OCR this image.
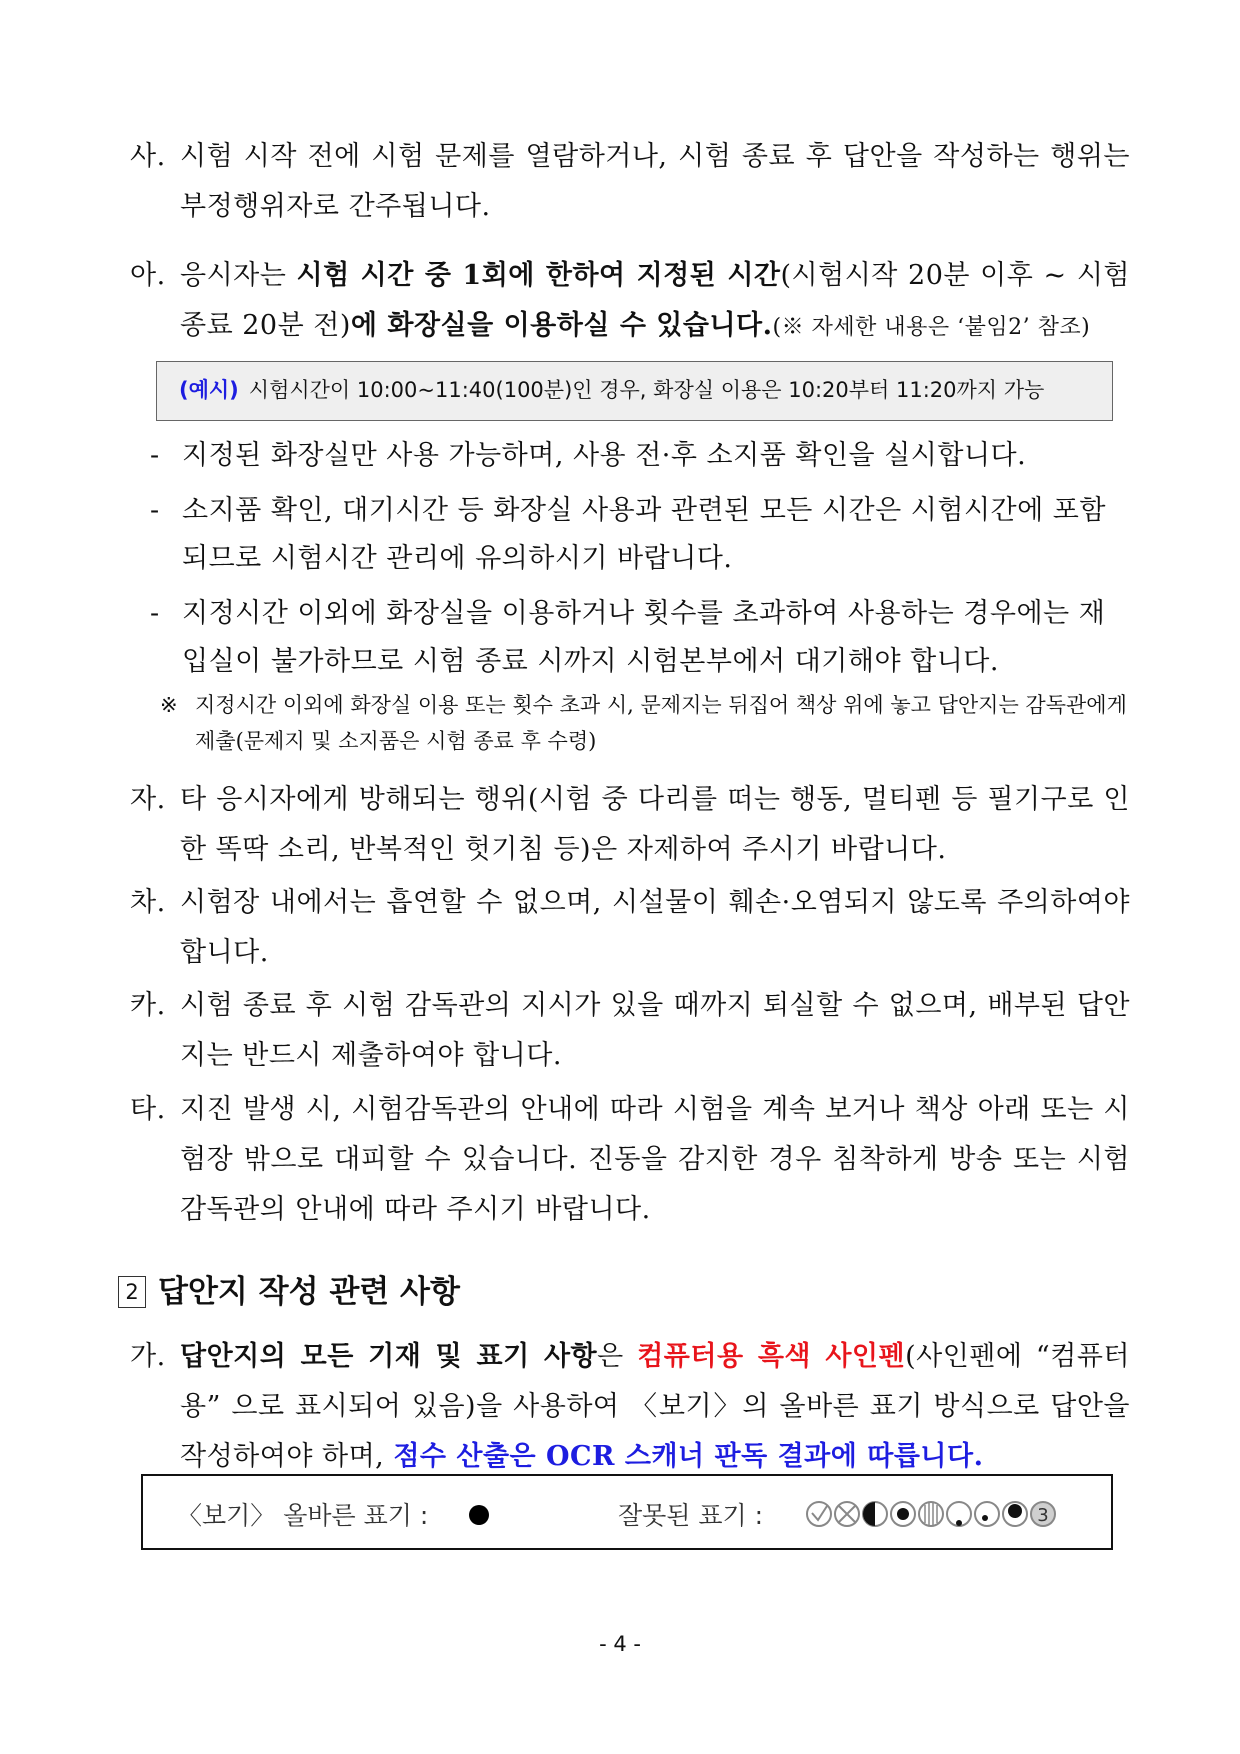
사. 시험 시작 전에 시험 문제를 열람하거나, 시험 종료 후 답안을 작성하는 행위는 부정행위자로 간주됩니다.
아. 응시자는 시험 시간 중 1회에 한하여 지정된 시간(시험시작 20분 이후 ~ 시험 종료 20분 전)에 화장실을 이용하실 수 있습니다.(※ 자세한 내용은 ‘붙임2’ 참조)
(예시) 시험시간이 10:00~11:40(100분)인 경우, 화장실 이용은 10:20부터 11:20까지 가능
- 지정된 화장실만 사용 가능하며, 사용 전·후 소지품 확인을 실시합니다.
- 소지품 확인, 대기시간 등 화장실 사용과 관련된 모든 시간은 시험시간에 포함되므로 시험시간 관리에 유의하시기 바랍니다.
- 지정시간 이외에 화장실을 이용하거나 횟수를 초과하여 사용하는 경우에는 재입실이 불가하므로 시험 종료 시까지 시험본부에서 대기해야 합니다.
※ 지정시간 이외에 화장실 이용 또는 횟수 초과 시, 문제지는 뒤집어 책상 위에 놓고 답안지는 감독관에게 제출(문제지 및 소지품은 시험 종료 후 수령)
자. 타 응시자에게 방해되는 행위(시험 중 다리를 떠는 행동, 멀티펜 등 필기구로 인한 똑딱 소리, 반복적인 헛기침 등)은 자제하여 주시기 바랍니다.
차. 시험장 내에서는 흡연할 수 없으며, 시설물이 훼손·오염되지 않도록 주의하여야 합니다.
카. 시험 종료 후 시험 감독관의 지시가 있을 때까지 퇴실할 수 없으며, 배부된 답안지는 반드시 제출하여야 합니다.
타. 지진 발생 시, 시험감독관의 안내에 따라 시험을 계속 보거나 책상 아래 또는 시험장 밖으로 대피할 수 있습니다. 진동을 감지한 경우 침착하게 방송 또는 시험감독관의 안내에 따라 주시기 바랍니다.
2 답안지 작성 관련 사항
가. 답안지의 모든 기재 및 표기 사항은 컴퓨터용 흑색 사인펜(사인펜에 “컴퓨터용” 으로 표시되어 있음)을 사용하여 〈보기〉의 올바른 표기 방식으로 답안을 작성하여야 하며, 점수 산출은 OCR 스캐너 판독 결과에 따릅니다.
〈보기〉 올바른 표기 :	잘못된 표기 :	3
- 4 -
